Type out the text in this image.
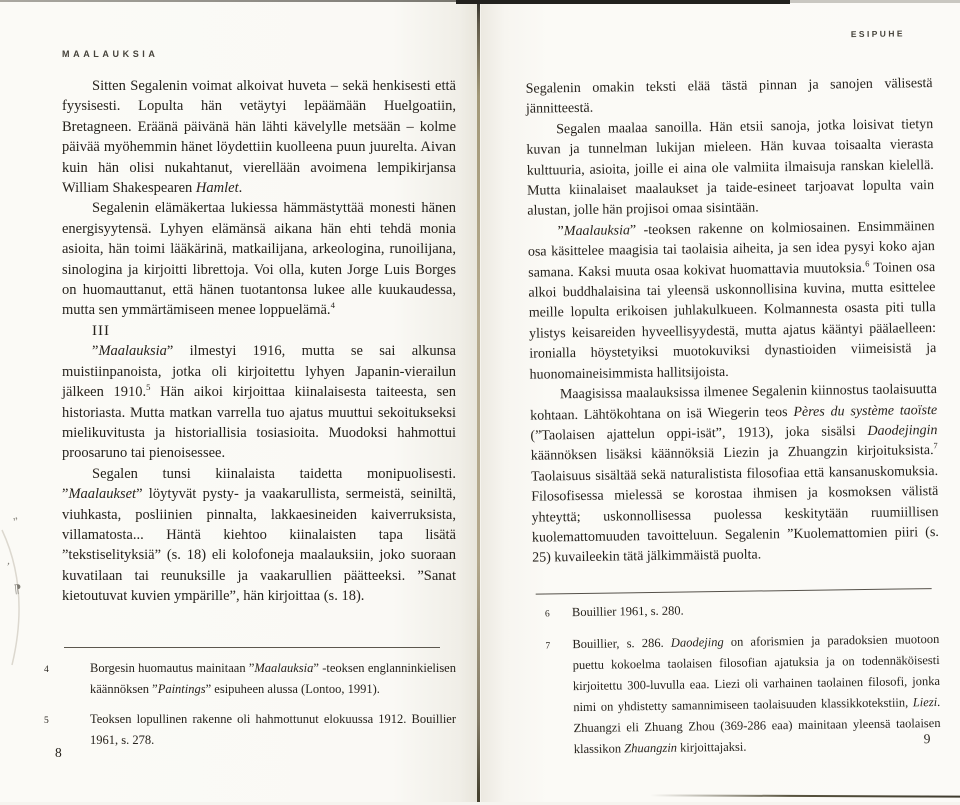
MAALAUKSIA

Sitten Segalenin voimat alkoivat huveta – sekä henkisesti että fyysisesti. Lopulta hän vetäytyi lepäämään Huelgoatiin, Bretagneen. Eräänä päivänä hän lähti kävelylle metsään – kolme päivää myöhemmin hänet löydettiin kuolleena puun juurelta. Aivan kuin hän olisi nukahtanut, vierellään avoimena lempikirjansa William Shakespearen Hamlet.

Segalenin elämäkertaa lukiessa hämmästyttää monesti hänen energisyytensä. Lyhyen elämänsä aikana hän ehti tehdä monia asioita, hän toimi lääkärinä, matkailijana, arkeologina, runoilijana, sinologina ja kirjoitti librettoja. Voi olla, kuten Jorge Luis Borges on huomauttanut, että hänen tuotantonsa lukee alle kuukaudessa, mutta sen ymmärtämiseen menee loppuelämä.$^4$

III

”Maalauksia” ilmestyi 1916, mutta se sai alkunsa muistiinpanoista, jotka oli kirjoitettu lyhyen Japanin-vierailun jälkeen 1910.$^5$ Hän aikoi kirjoittaa kiinalaisesta taiteesta, sen historiasta. Mutta matkan varrella tuo ajatus muuttui sekoitukseksi mielikuvitusta ja historiallisia tosiasioita. Muodoksi hahmottui proosaruno tai pienoisessee.

Segalen tunsi kiinalaista taidetta monipuolisesti. ”Maalaukset” löytyvät pysty- ja vaakarullista, sermeistä, seiniltä, viuhkasta, posliinien pinnalta, lakkaesineiden kaiverruksista, villamatosta... Häntä kiehtoo kiinalaisten tapa lisätä ”tekstiselityksiä” (s. 18) eli kolofoneja maalauksiin, joko suoraan kuvatilaan tai reunuksille ja vaakarullien päätteeksi. ”Sanat kietoutuvat kuvien ympärille”, hän kirjoittaa (s. 18).

4	Borgesin huomautus mainitaan ”Maalauksia” -teoksen englanninkielisen käännöksen ”Paintings” esipuheen alussa (Lontoo, 1991).
5	Teoksen lopullinen rakenne oli hahmottunut elokuussa 1912. Bouillier 1961, s. 278.
8
„
’
⁋
ESIPUHE

Segalenin omakin teksti elää tästä pinnan ja sanojen välisestä jännitteestä.

Segalen maalaa sanoilla. Hän etsii sanoja, jotka loisivat tietyn kuvan ja tunnelman lukijan mieleen. Hän kuvaa toisaalta vierasta kulttuuria, asioita, joille ei aina ole valmiita ilmaisuja ranskan kielellä. Mutta kiinalaiset maalaukset ja taide-esineet tarjoavat lopulta vain alustan, jolle hän projisoi omaa sisintään.

”Maalauksia” -teoksen rakenne on kolmiosainen. Ensimmäinen osa käsittelee maagisia tai taolaisia aiheita, ja sen idea pysyi koko ajan samana. Kaksi muuta osaa kokivat huomattavia muutoksia.$^6$ Toinen osa alkoi buddhalaisina tai yleensä uskonnollisina kuvina, mutta esittelee meille lopulta erikoisen juhlakulkueen. Kolmannesta osasta piti tulla ylistys keisareiden hyveellisyydestä, mutta ajatus kääntyi päälaelleen: ironialla höystetyiksi muotokuviksi dynastioiden viimeisistä ja huonomaineisimmista hallitsijoista.

Maagisissa maalauksissa ilmenee Segalenin kiinnostus taolaisuutta kohtaan. Lähtökohtana on isä Wiegerin teos Pères du système taoïste (”Taolaisen ajattelun oppi-isät”, 1913), joka sisälsi Daodejingin käännöksen lisäksi käännöksiä Liezin ja Zhuangzin kirjoituksista.$^7$ Taolaisuus sisältää sekä naturalistista filosofiaa että kansanuskomuksia. Filosofisessa mielessä se korostaa ihmisen ja kosmoksen välistä yhteyttä; uskonnollisessa puolessa keskitytään ruumiillisen kuolemattomuuden tavoitteluun. Segalenin ”Kuolemattomien piiri (s. 25) kuvaileekin tätä jälkimmäistä puolta.

6	Bouillier 1961, s. 280.
7	Bouillier, s. 286. Daodejing on aforismien ja paradoksien muotoon puettu kokoelma taolaisen filosofian ajatuksia ja on todennäköisesti kirjoitettu 300-luvulla eaa. Liezi oli varhainen taolainen filosofi, jonka nimi on yhdistetty samannimiseen taolaisuuden klassikkotekstiin, Liezi. Zhuangzi eli Zhuang Zhou (369-286 eaa) mainitaan yleensä taolaisen klassikon Zhuangzin kirjoittajaksi.
9
